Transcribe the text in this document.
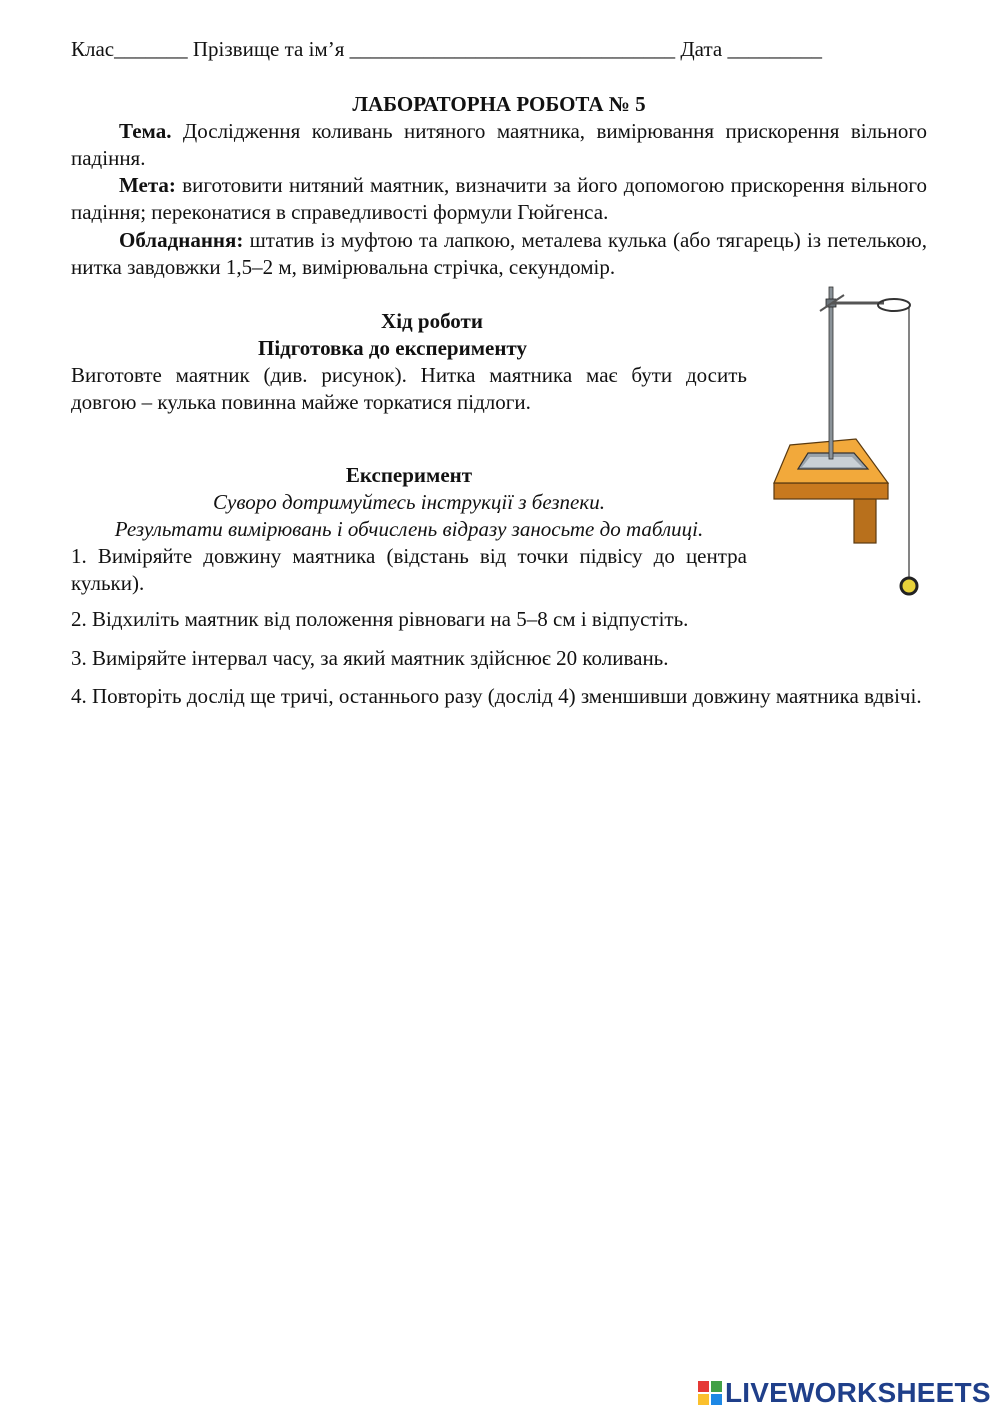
Клас_______ Прізвище та ім’я _______________________________ Дата _________
ЛАБОРАТОРНА РОБОТА № 5
Тема. Дослідження коливань нитяного маятника, вимірювання прискорення вільного падіння.
Мета: виготовити нитяний маятник, визначити за його допомогою прискорення вільного падіння; переконатися в справедливості формули Гюйгенса.
Обладнання: штатив із муфтою та лапкою, металева кулька (або тягарець) із петелькою, нитка завдовжки 1,5–2 м, вимірювальна стрічка, секундомір.
Хід роботи
Підготовка до експерименту
Виготовте маятник (див. рисунок). Нитка маятника має бути досить довгою – кулька повинна майже торкатися підлоги.
Експеримент
Суворо дотримуйтесь інструкції з безпеки.
Результати вимірювань і обчислень відразу заносьте до таблиці.
1. Виміряйте довжину маятника (відстань від точки підвісу до центра кульки).
2. Відхиліть маятник від положення рівноваги на 5–8 см і відпустіть.
3. Виміряйте інтервал часу, за який маятник здійснює 20 коливань.
4. Повторіть дослід ще тричі, останнього разу (дослід 4) зменшивши довжину маятника вдвічі.
LIVEWORKSHEETS
